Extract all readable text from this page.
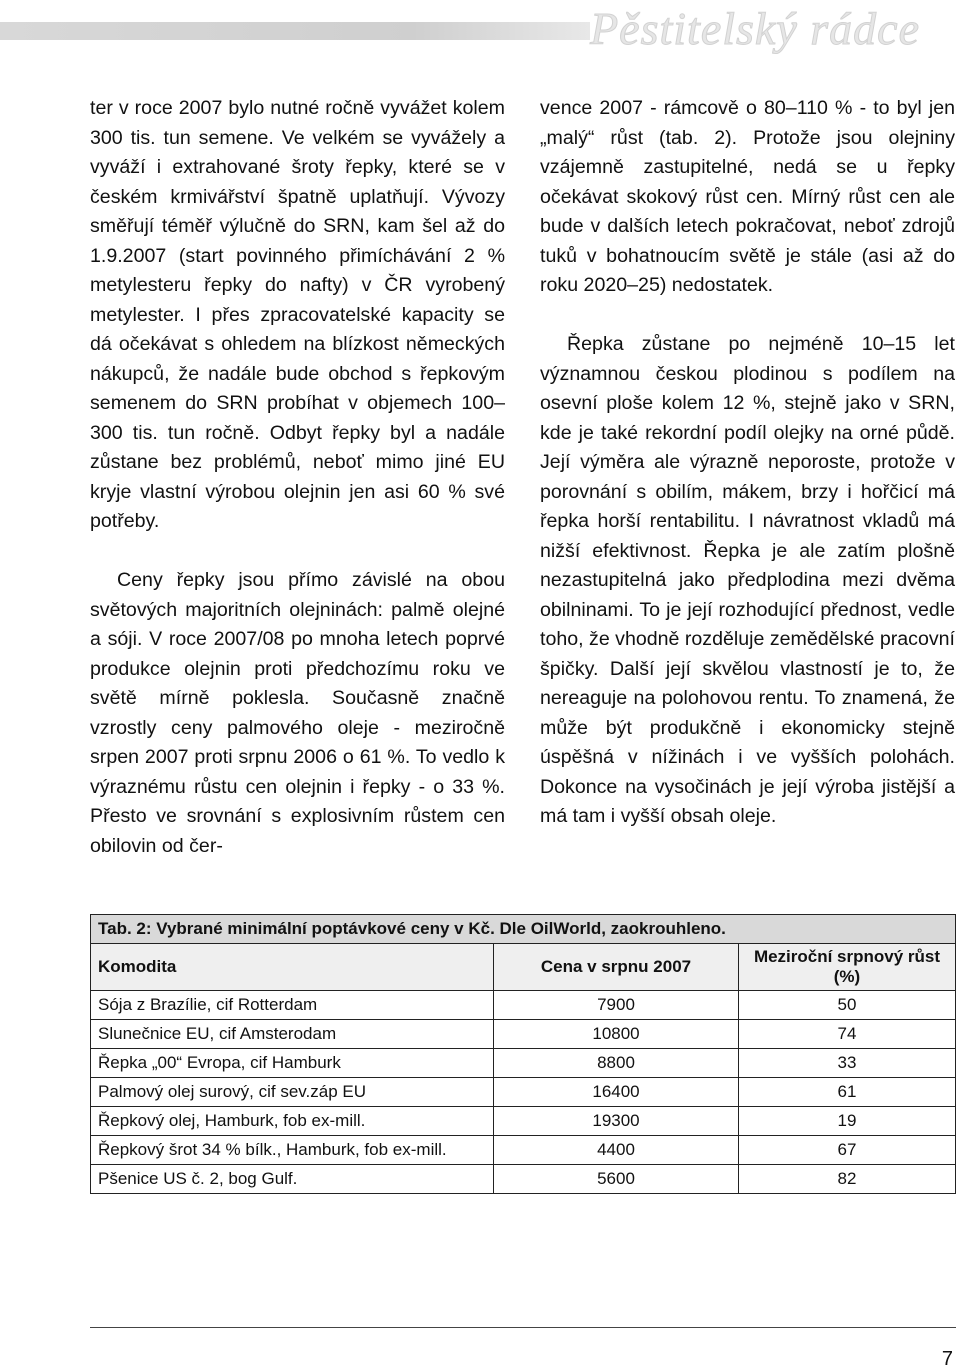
Pěstitelský rádce

ter v roce 2007 bylo nutné ročně vyvážet kolem 300 tis. tun semene. Ve velkém se vyvážely a vyváží i extrahované šroty řepky, které se v českém krmivářství špatně uplatňují. Vývozy směřují téměř výlučně do SRN, kam šel až do 1.9.2007 (start povinného přimíchávání 2 % metylesteru řepky do nafty) v ČR vyrobený metylester. I přes zpracovatelské kapacity se dá očekávat s ohledem na blízkost německých nákupců, že nadále bude obchod s řepkovým semenem do SRN probíhat v objemech 100–300 tis. tun ročně. Odbyt řepky byl a nadále zůstane bez problémů, neboť mimo jiné EU kryje vlastní výrobou olejnin jen asi 60 % své potřeby.

Ceny řepky jsou přímo závislé na obou světových majoritních olejninách: palmě olejné a sóji. V roce 2007/08 po mnoha letech poprvé produkce olejnin proti předchozímu roku ve světě mírně poklesla. Současně značně vzrostly ceny palmového oleje - meziročně srpen 2007 proti srpnu 2006 o 61 %. To vedlo k výraznému růstu cen olejnin i řepky - o 33 %. Přesto ve srovnání s explosivním růstem cen obilovin od čer-

vence 2007 - rámcově o 80–110 % - to byl jen „malý“ růst (tab. 2). Protože jsou olejniny vzájemně zastupitelné, nedá se u řepky očekávat skokový růst cen. Mírný růst cen ale bude v dalších letech pokračovat, neboť zdrojů tuků v bohatnoucím světě je stále (asi až do roku 2020–25) nedostatek.

Řepka zůstane po nejméně 10–15 let významnou českou plodinou s podílem na osevní ploše kolem 12 %, stejně jako v SRN, kde je také rekordní podíl olejky na orné půdě. Její výměra ale výrazně neporoste, protože v porovnání s obilím, mákem, brzy i hořčicí má řepka horší rentabilitu. I návratnost vkladů má nižší efektivnost. Řepka je ale zatím plošně nezastupitelná jako předplodina mezi dvěma obilninami. To je její rozhodující přednost, vedle toho, že vhodně rozděluje zemědělské pracovní špičky. Další její skvělou vlastností je to, že nereaguje na polohovou rentu. To znamená, že může být produkčně i ekonomicky stejně úspěšná v nížinách i ve vyšších polohách. Dokonce na vysočinách je její výroba jistější a má tam i vyšší obsah oleje.

Tab. 2: Vybrané minimální poptávkové ceny v Kč. Dle OilWorld, zaokrouhleno.		
Komodita	Cena v srpnu 2007	Meziroční srpnový růst (%)
Sója z Brazílie, cif Rotterdam	7900	50
Slunečnice EU, cif Amsterodam	10800	74
Řepka „00“ Evropa, cif Hamburk	8800	33
Palmový olej surový, cif sev.záp EU	16400	61
Řepkový olej, Hamburk, fob ex-mill.	19300	19
Řepkový šrot 34 % bílk., Hamburk, fob ex-mill.	4400	67
Pšenice US č. 2, bog Gulf.	5600	82
7
